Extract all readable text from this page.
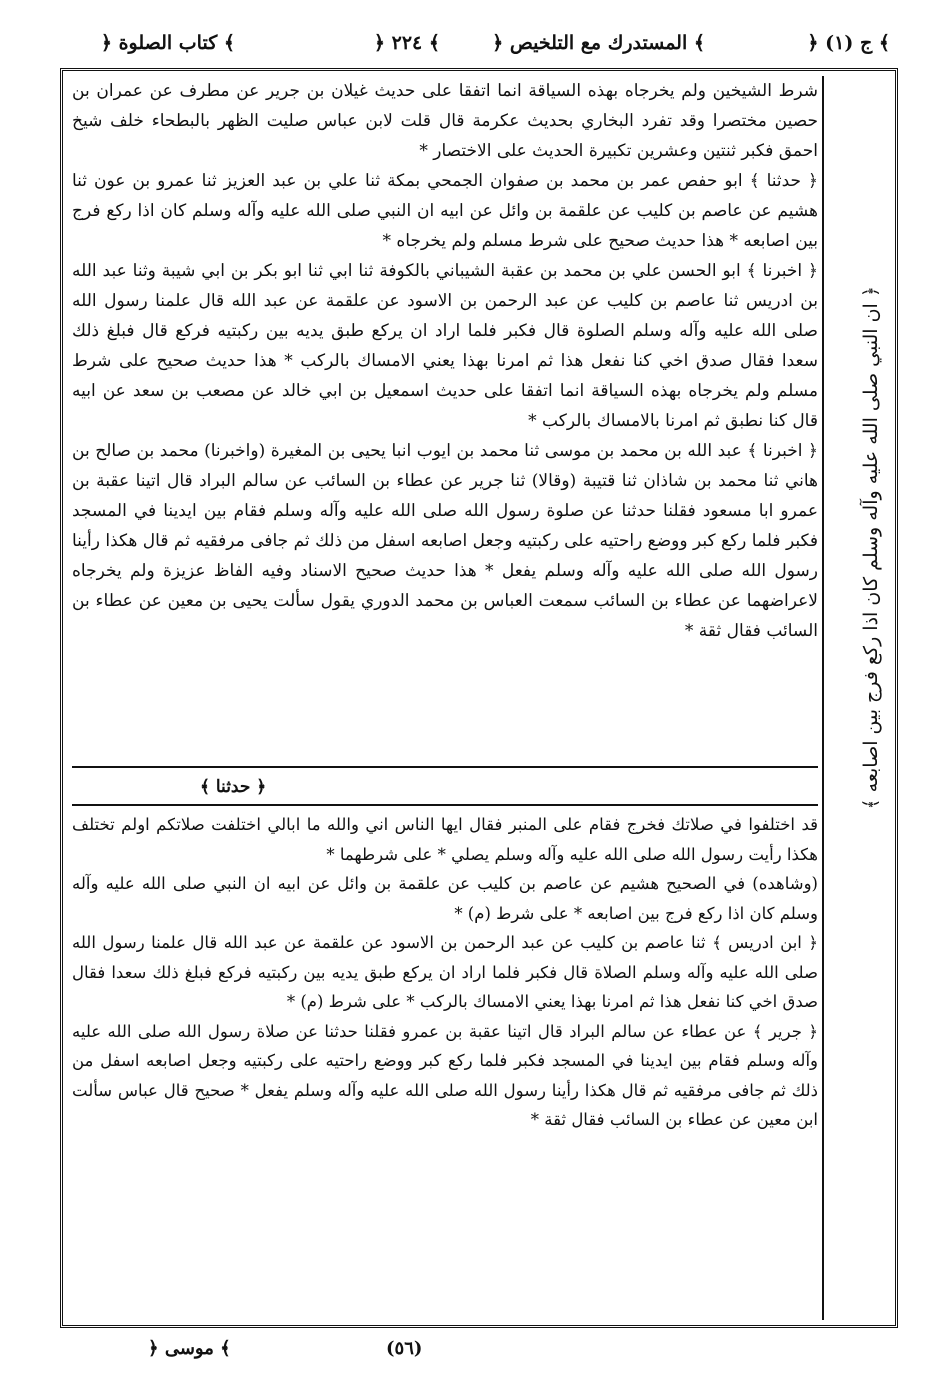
﴿ كتاب الصلوة ﴾	﴿ ٢٢٤ ﴾	﴿ المستدرك مع التلخيص ﴾	﴿ ج (١) ﴾
﴿ ان النبي صلى الله عليه وآله وسلم كان اذا ركع فرج بين اصابعه ﴾

شرط الشيخين ولم يخرجاه بهذه السياقة انما اتفقا على حديث غيلان بن جرير عن مطرف عن عمران بن حصين مختصرا وقد تفرد البخاري بحديث عكرمة قال قلت لابن عباس صليت الظهر بالبطحاء خلف شيخ احمق فكبر ثنتين وعشرين تكبيرة الحديث على الاختصار *

﴿ حدثنا ﴾ ابو حفص عمر بن محمد بن صفوان الجمحي بمكة ثنا علي بن عبد العزيز ثنا عمرو بن عون ثنا هشيم عن عاصم بن كليب عن علقمة بن وائل عن ابيه ان النبي صلى الله عليه وآله وسلم كان اذا ركع فرج بين اصابعه * هذا حديث صحيح على شرط مسلم ولم يخرجاه *

﴿ اخبرنا ﴾ ابو الحسن علي بن محمد بن عقبة الشيباني بالكوفة ثنا ابي ثنا ابو بكر بن ابي شيبة وثنا عبد الله بن ادريس ثنا عاصم بن كليب عن عبد الرحمن بن الاسود عن علقمة عن عبد الله قال علمنا رسول الله صلى الله عليه وآله وسلم الصلوة قال فكبر فلما اراد ان يركع طبق يديه بين ركبتيه فركع قال فبلغ ذلك سعدا فقال صدق اخي كنا نفعل هذا ثم امرنا بهذا يعني الامساك بالركب * هذا حديث صحيح على شرط مسلم ولم يخرجاه بهذه السياقة انما اتفقا على حديث اسمعيل بن ابي خالد عن مصعب بن سعد عن ابيه قال كنا نطبق ثم امرنا بالامساك بالركب *

﴿ اخبرنا ﴾ عبد الله بن محمد بن موسى ثنا محمد بن ايوب انبا يحيى بن المغيرة (واخبرنا) محمد بن صالح بن هاني ثنا محمد بن شاذان ثنا قتيبة (وقالا) ثنا جرير عن عطاء بن السائب عن سالم البراد قال اتينا عقبة بن عمرو ابا مسعود فقلنا حدثنا عن صلوة رسول الله صلى الله عليه وآله وسلم فقام بين ايدينا في المسجد فكبر فلما ركع كبر ووضع راحتيه على ركبتيه وجعل اصابعه اسفل من ذلك ثم جافى مرفقيه ثم قال هكذا رأينا رسول الله صلى الله عليه وآله وسلم يفعل * هذا حديث صحيح الاسناد وفيه الفاظ عزيزة ولم يخرجاه لاعراضهما عن عطاء بن السائب سمعت العباس بن محمد الدوري يقول سألت يحيى بن معين عن عطاء بن السائب فقال ثقة *

﴿ حدثنا ﴾

قد اختلفوا في صلاتك فخرج فقام على المنبر فقال ايها الناس اني والله ما ابالي اختلفت صلاتكم اولم تختلف هكذا رأيت رسول الله صلى الله عليه وآله وسلم يصلي * على شرطهما *

(وشاهده) في الصحيح هشيم عن عاصم بن كليب عن علقمة بن وائل عن ابيه ان النبي صلى الله عليه وآله وسلم كان اذا ركع فرج بين اصابعه * على شرط (م) *

﴿ ابن ادريس ﴾ ثنا عاصم بن كليب عن عبد الرحمن بن الاسود عن علقمة عن عبد الله قال علمنا رسول الله صلى الله عليه وآله وسلم الصلاة قال فكبر فلما اراد ان يركع طبق يديه بين ركبتيه فركع فبلغ ذلك سعدا فقال صدق اخي كنا نفعل هذا ثم امرنا بهذا يعني الامساك بالركب * على شرط (م) *

﴿ جرير ﴾ عن عطاء عن سالم البراد قال اتينا عقبة بن عمرو فقلنا حدثنا عن صلاة رسول الله صلى الله عليه وآله وسلم فقام بين ايدينا في المسجد فكبر فلما ركع كبر ووضع راحتيه على ركبتيه وجعل اصابعه اسفل من ذلك ثم جافى مرفقيه ثم قال هكذا رأينا رسول الله صلى الله عليه وآله وسلم يفعل * صحيح قال عباس سألت ابن معين عن عطاء بن السائب فقال ثقة *

﴿ موسى ﴾	(٥٦)
